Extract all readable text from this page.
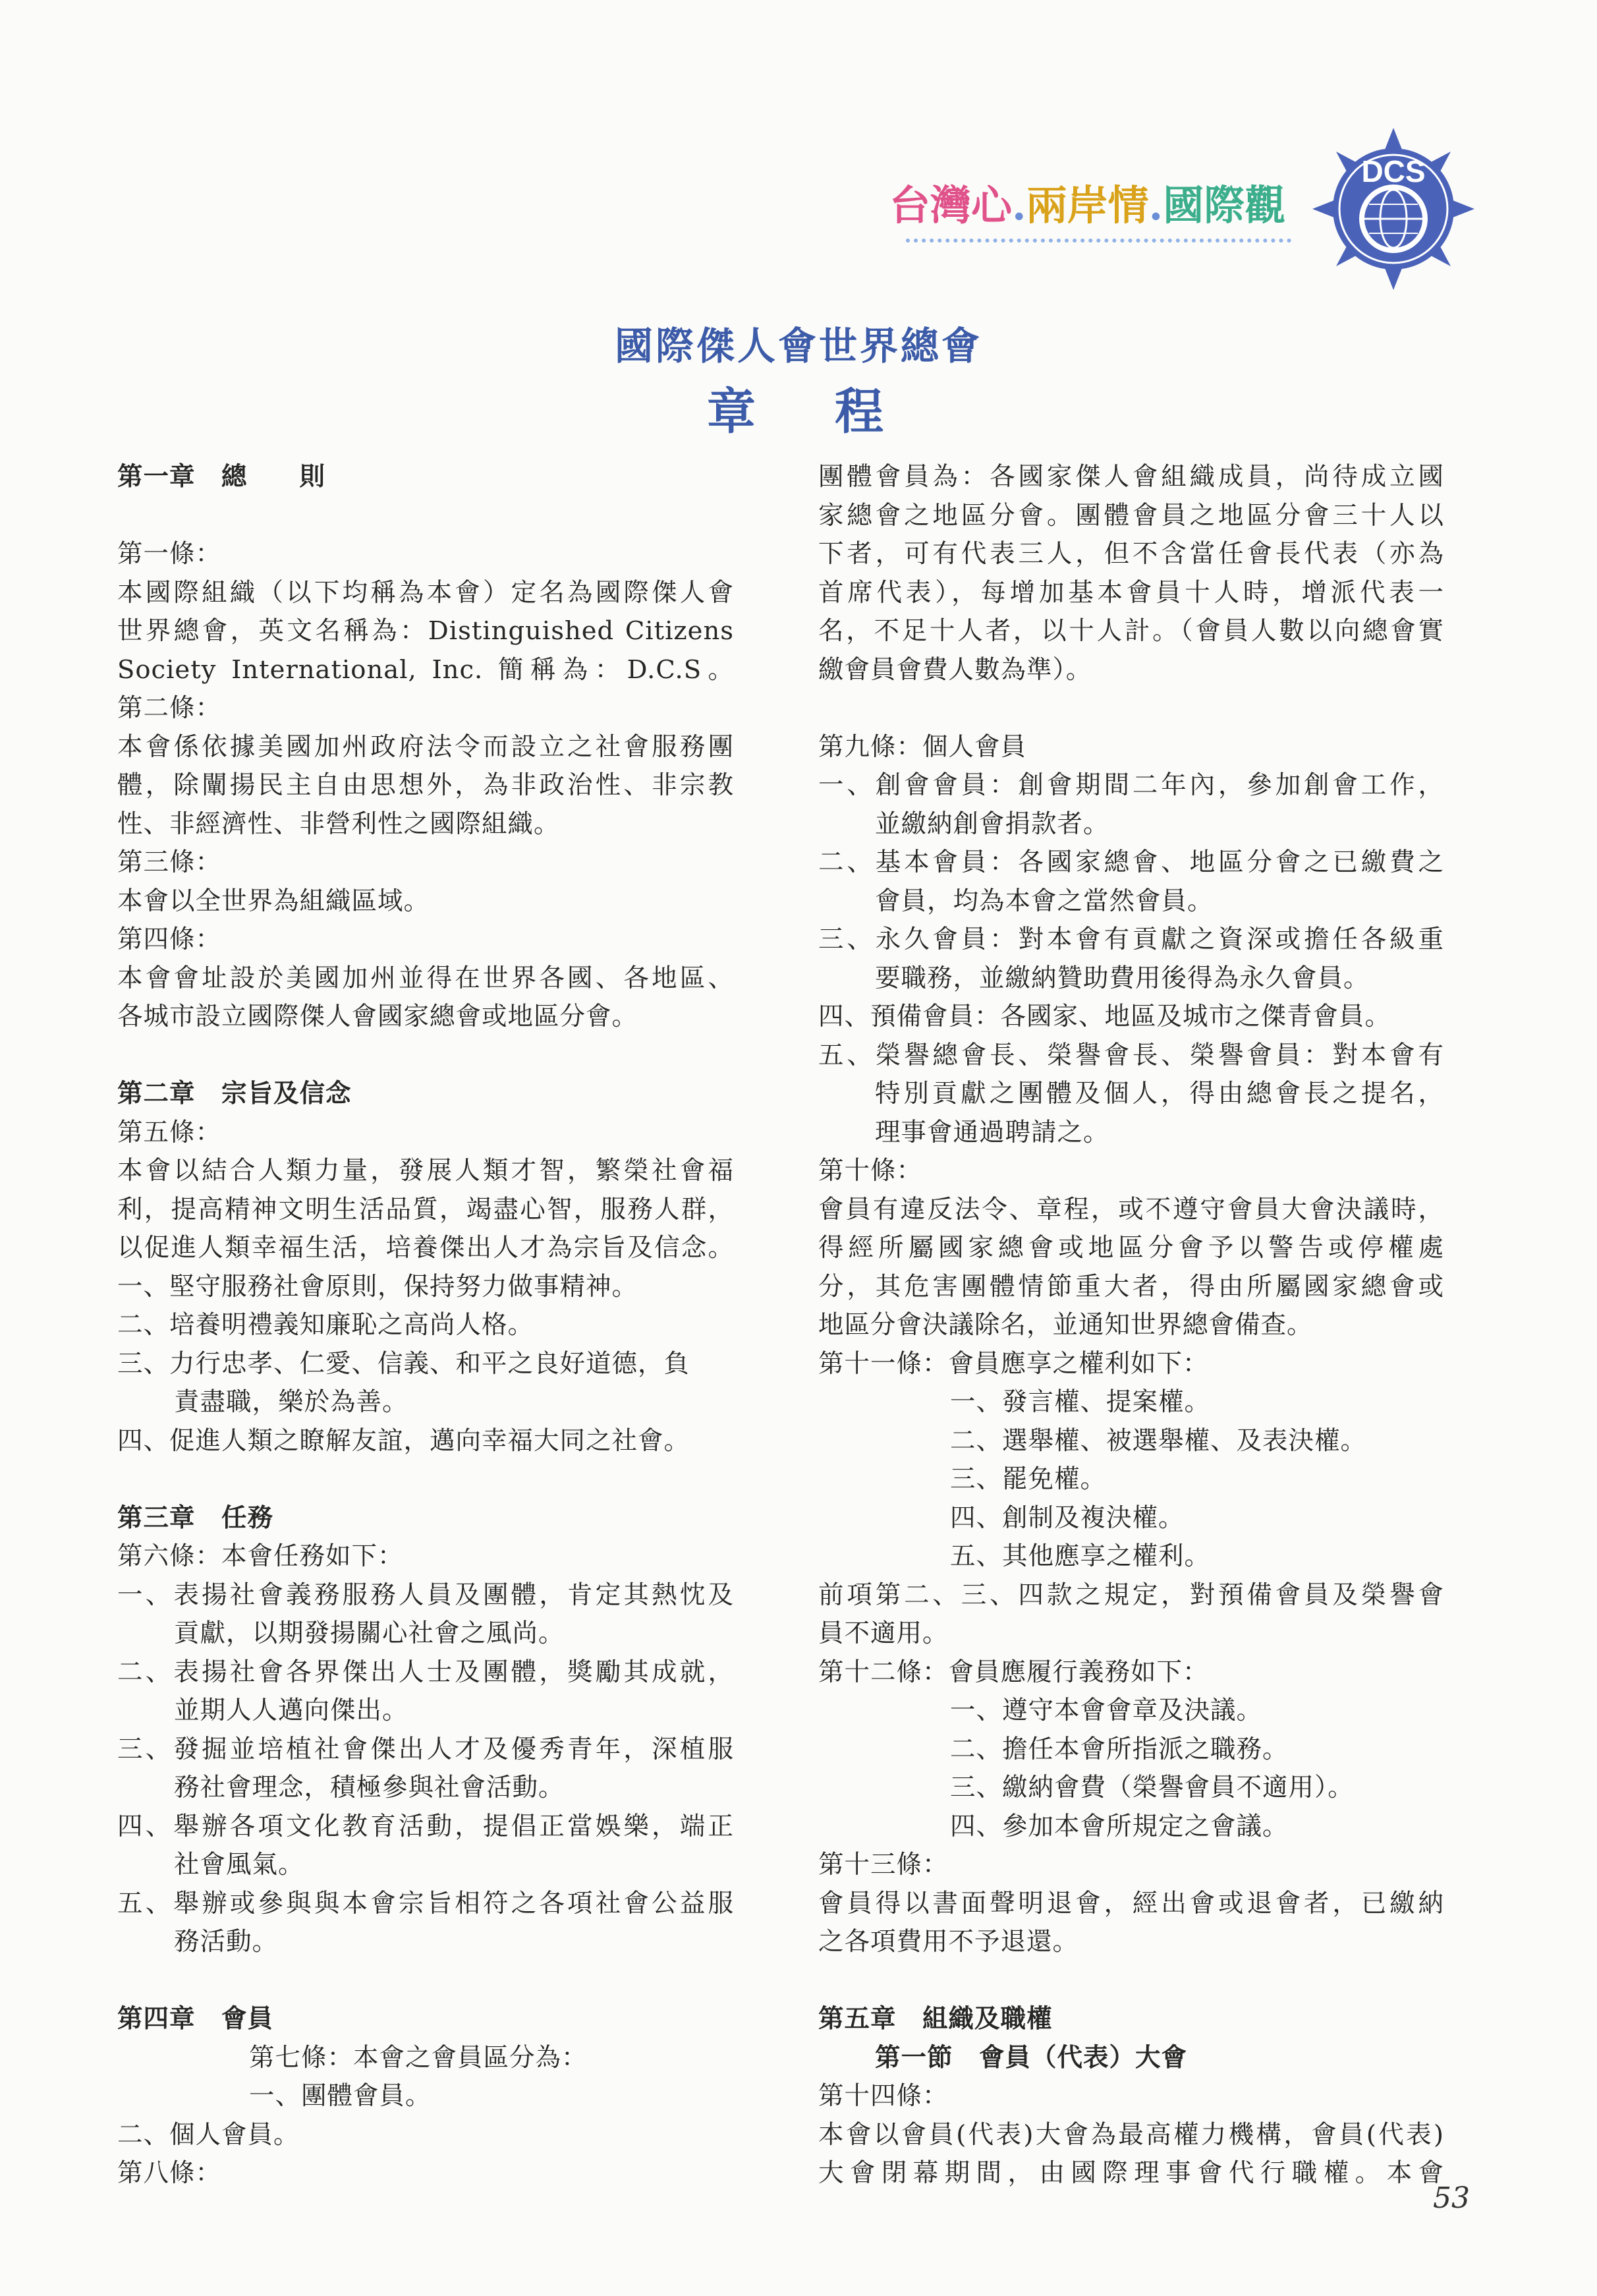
台灣心.兩岸情.國際觀
DCS
國際傑人會世界總會
章程
第一章　總　　則
第一條：
本國際組織（以下均稱為本會）定名為國際傑人會
世界總會，英文名稱為：Distinguished Citizens
Society International, Inc. 簡稱為：D.C.S。
第二條：
本會係依據美國加州政府法令而設立之社會服務團
體，除闡揚民主自由思想外，為非政治性、非宗教
性、非經濟性、非營利性之國際組織。
第三條：
本會以全世界為組織區域。
第四條：
本會會址設於美國加州並得在世界各國、各地區、
各城市設立國際傑人會國家總會或地區分會。
第二章　宗旨及信念
第五條：
本會以結合人類力量，發展人類才智，繁榮社會福
利，提高精神文明生活品質，竭盡心智，服務人群，
以促進人類幸福生活，培養傑出人才為宗旨及信念。
一、堅守服務社會原則，保持努力做事精神。
二、培養明禮義知廉恥之高尚人格。
三、力行忠孝、仁愛、信義、和平之良好道德，負
責盡職，樂於為善。
四、促進人類之瞭解友誼，邁向幸福大同之社會。
第三章　任務
第六條：本會任務如下：
一、表揚社會義務服務人員及團體，肯定其熱忱及
貢獻，以期發揚關心社會之風尚。
二、表揚社會各界傑出人士及團體，獎勵其成就，
並期人人邁向傑出。
三、發掘並培植社會傑出人才及優秀青年，深植服
務社會理念，積極參與社會活動。
四、舉辦各項文化教育活動，提倡正當娛樂，端正
社會風氣。
五、舉辦或參與與本會宗旨相符之各項社會公益服
務活動。
第四章　會員
第七條：本會之會員區分為：
一、團體會員。
二、個人會員。
第八條：
團體會員為：各國家傑人會組織成員，尚待成立國
家總會之地區分會。團體會員之地區分會三十人以
下者，可有代表三人，但不含當任會長代表（亦為
首席代表），每增加基本會員十人時，增派代表一
名，不足十人者，以十人計。（會員人數以向總會實
繳會員會費人數為準）。
第九條：個人會員
一、創會會員：創會期間二年內，參加創會工作，
並繳納創會捐款者。
二、基本會員：各國家總會、地區分會之已繳費之
會員，均為本會之當然會員。
三、永久會員：對本會有貢獻之資深或擔任各級重
要職務，並繳納贊助費用後得為永久會員。
四、預備會員：各國家、地區及城市之傑青會員。
五、榮譽總會長、榮譽會長、榮譽會員：對本會有
特別貢獻之團體及個人，得由總會長之提名，
理事會通過聘請之。
第十條：
會員有違反法令、章程，或不遵守會員大會決議時，
得經所屬國家總會或地區分會予以警告或停權處
分，其危害團體情節重大者，得由所屬國家總會或
地區分會決議除名，並通知世界總會備查。
第十一條：會員應享之權利如下：
一、發言權、提案權。
二、選舉權、被選舉權、及表決權。
三、罷免權。
四、創制及複決權。
五、其他應享之權利。
前項第二、三、四款之規定，對預備會員及榮譽會
員不適用。
第十二條：會員應履行義務如下：
一、遵守本會會章及決議。
二、擔任本會所指派之職務。
三、繳納會費（榮譽會員不適用）。
四、參加本會所規定之會議。
第十三條：
會員得以書面聲明退會，經出會或退會者，已繳納
之各項費用不予退還。
第五章　組織及職權
第一節　會員（代表）大會
第十四條：
本會以會員(代表)大會為最高權力機構，會員(代表)
大會閉幕期間，由國際理事會代行職權。本會
53
